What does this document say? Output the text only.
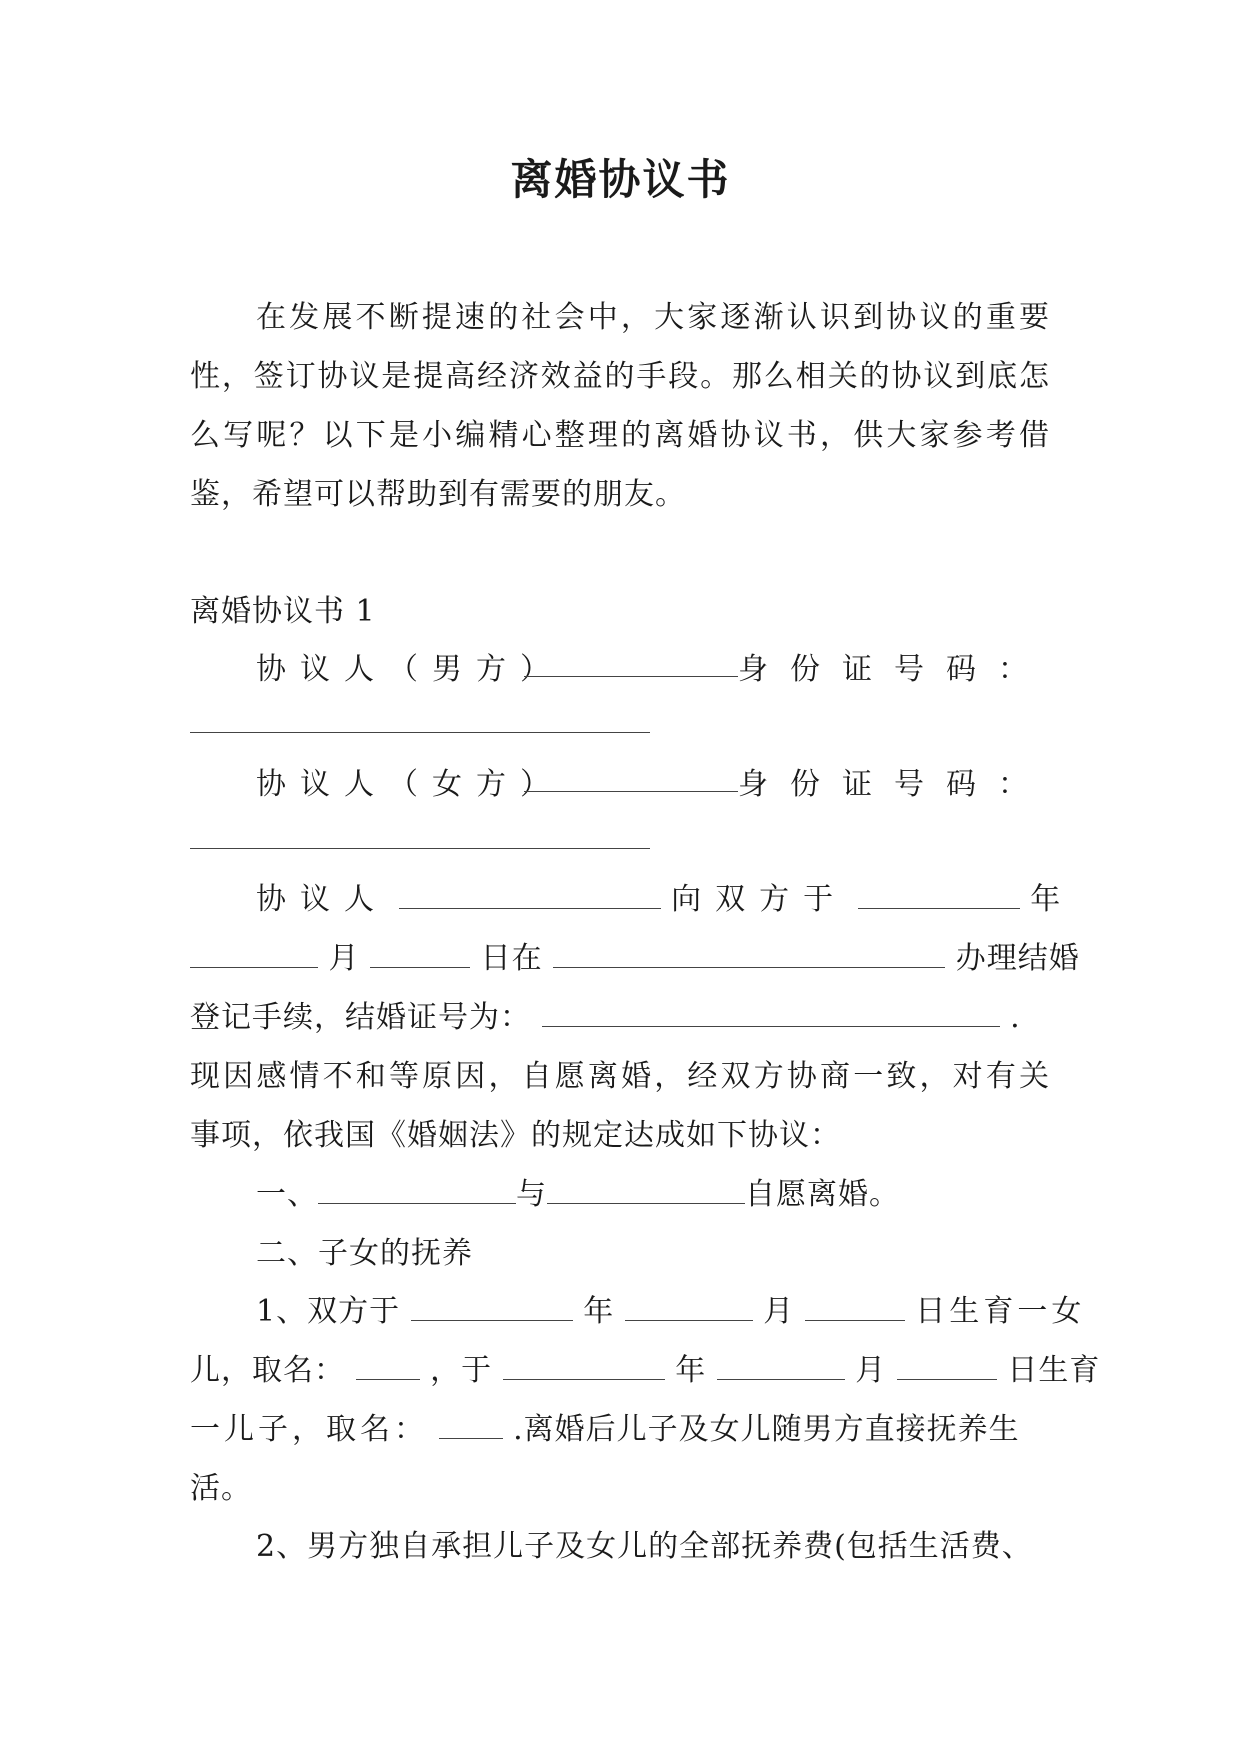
离婚协议书
在发展不断提速的社会中，大家逐渐认识到协议的重要性，签订协议是提高经济效益的手段。那么相关的协议到底怎么写呢？以下是小编精心整理的离婚协议书，供大家参考借鉴，希望可以帮助到有需要的朋友。
离婚协议书 1
协议人（男方）	身份证号码：
协议人（女方）	身份证号码：
协议人	向双方于	年
月	日在	办理结婚
登记手续，结婚证号为：	.
现因感情不和等原因，自愿离婚，经双方协商一致，对有关
事项，依我国《婚姻法》的规定达成如下协议：
一、	与	自愿离婚。
二、子女的抚养
1、双方于	年	月	日生育一女
儿，取名：	，于	年	月	日生育
一儿子，取名：	.离婚后儿子及女儿随男方直接抚养生
活。
2、男方独自承担儿子及女儿的全部抚养费(包括生活费、
